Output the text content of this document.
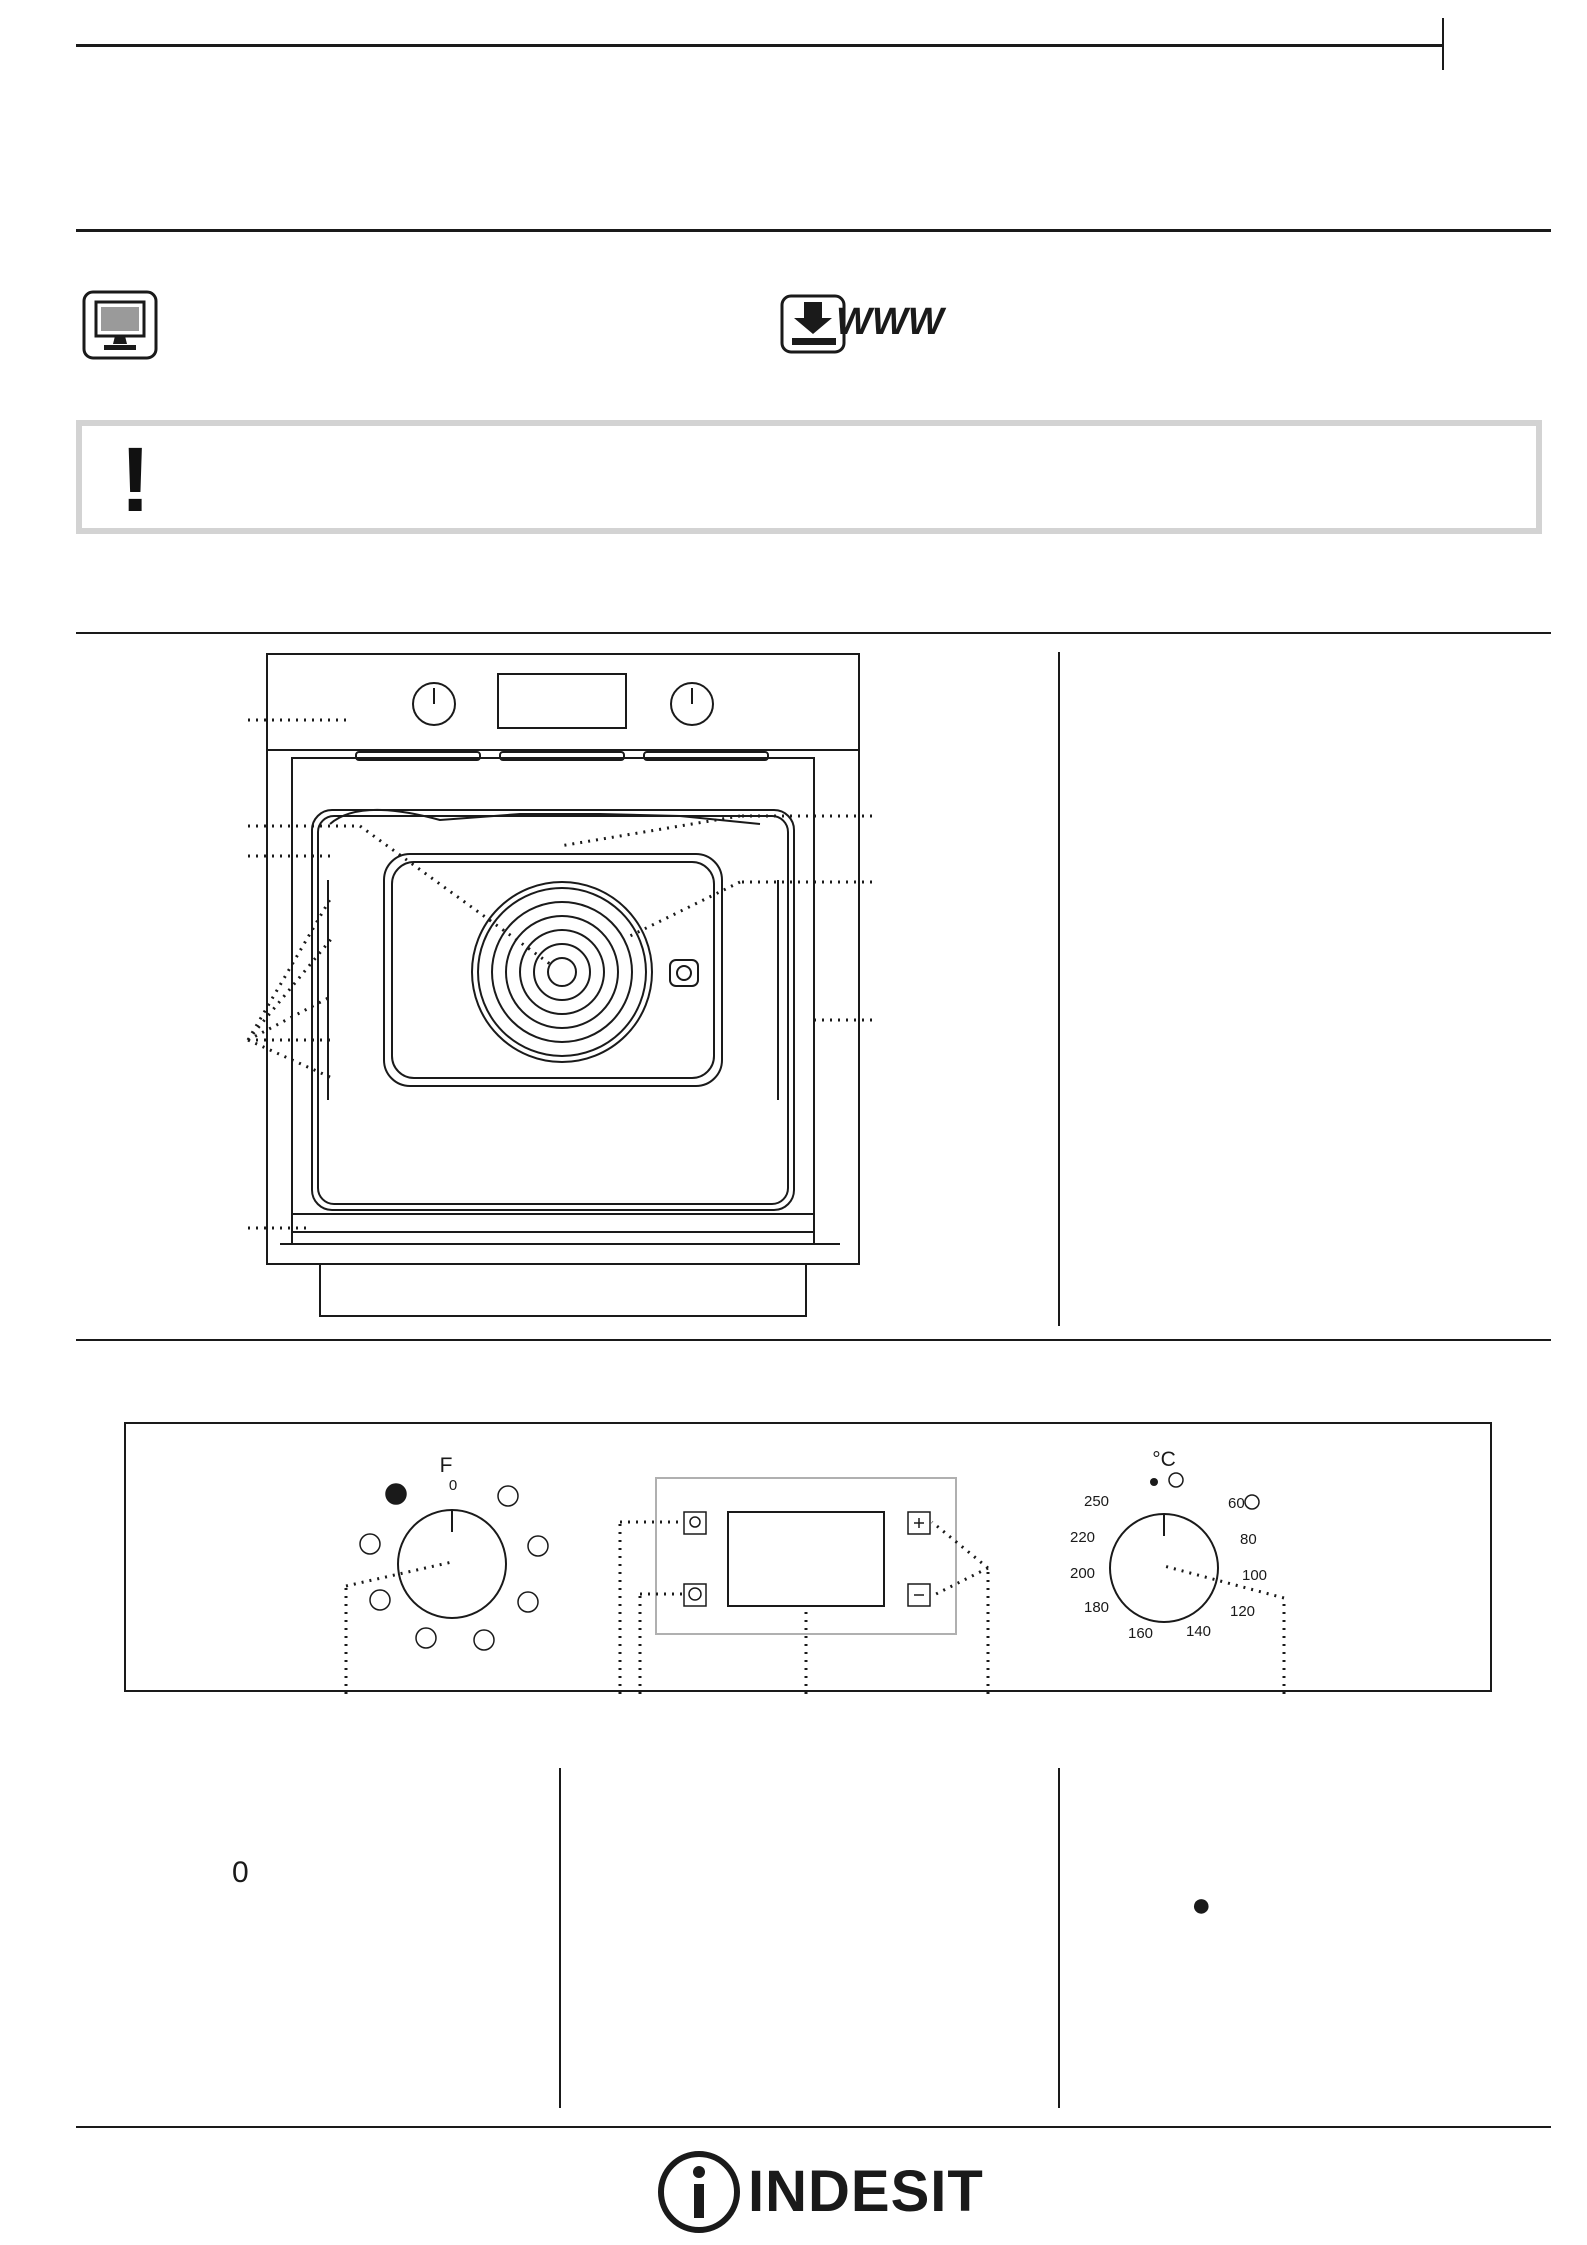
WWW
!
F
0
°C
60
80
100
120
140
160
180
200
220
250
0
●
INDESIT
